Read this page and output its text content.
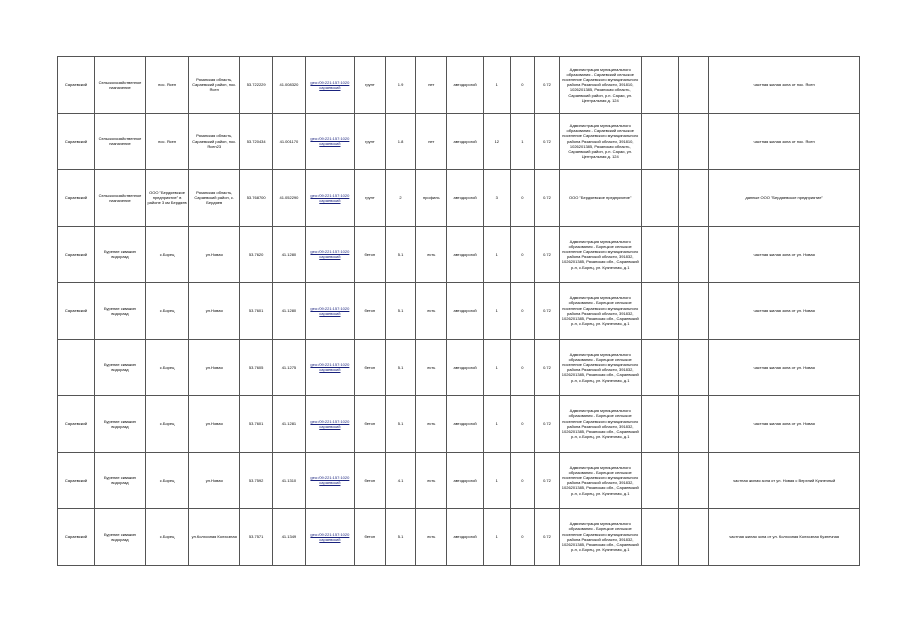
Сараевский	Сельскохозяйственное назначение	пос. Ясен	Рязанская область, Сараевский район, пос. Ясен	53.722229	41.008320	geo:/09:221:157:1020 сараевский	грунт	1.9	нет	автодорогой	1	0	0.72	Администрация муниципального образования - Сараевский сельское поселение Сараевского муниципального района Рязанской области, 391810, 1026201385, Рязанская область, Сараевский район, р.п. Сараи, ул. Центральная д. 124			частная жилая зона от пос. Ясен
Сараевский	Сельскохозяйственное назначение	пос. Ясен	Рязанская область, Сараевский район, пос. Ясен23	53.720434	41.001170	geo:/09:221:157:1020 сараевский	грунт	1.8	нет	автодорогой	12	1	0.72	Администрация муниципального образования - Сараевский сельское поселение Сараевского муниципального района Рязанской области, 391810, 1026201385, Рязанская область, Сараевский район, р.п. Сараи, ул. Центральная д. 124			частная жилая зона от пос. Ясен
Сараевский	Сельскохозяйственное назначение	ООО "Бердяевское предприятие" в районе 3 км Бердяев	Рязанская область, Сараевский район, с. Бердяев	53.768700	41.052290	geo:/09:221:157:1020 сараевский	грунт	2	профиль	автодорогой	3	0	0.72	ООО "Бердяевское предприятие"			данные ООО "Бердяевское предприятие"
Сараевский	Бурение скважин водоразд	с.Борец	ул.Новая	53.7620	41.1280	geo:/09:221:157:1020 сараевский	бетон	5.1	есть	автодорогой	1	0	0.72	Администрация муниципального образования - Борецкое сельское поселение Сараевского муниципального района Рязанской области, 391832, 1026201385, Рязанская обл., Сараевский р-н, с.Борец, ул. Кузнечная, д.1			частная жилая зона от ул. Новая
Сараевский	Бурение скважин водоразд	с.Борец	ул.Новая	53.7601	41.1280	geo:/09:221:157:1020 сараевский	бетон	5.1	есть	автодорогой	1	0	0.72	Администрация муниципального образования - Борецкое сельское поселение Сараевского муниципального района Рязанской области, 391832, 1026201385, Рязанская обл., Сараевский р-н, с.Борец, ул. Кузнечная, д.1			частная жилая зона от ул. Новая
	Бурение скважин водоразд	с.Борец	ул.Новая	53.7605	41.1275	geo:/09:221:157:1020 сараевский	бетон	5.1	есть	автодорогой	1	0	0.72	Администрация муниципального образования - Борецкое сельское поселение Сараевского муниципального района Рязанской области, 391832, 1026201385, Рязанская обл., Сараевский р-н, с.Борец, ул. Кузнечная, д.1			частная жилая зона от ул. Новая
Сараевский	Бурение скважин водоразд	с.Борец	ул.Новая	53.7601	41.1281	geo:/09:221:157:1020 сараевский	бетон	5.1	есть	автодорогой	1	0	0.72	Администрация муниципального образования - Борецкое сельское поселение Сараевского муниципального района Рязанской области, 391832, 1026201385, Рязанская обл., Сараевский р-н, с.Борец, ул. Кузнечная, д.1			частная жилая зона от ул. Новая
Сараевский	Бурение скважин водоразд	с.Борец	ул.Новая	53.7592	41.1310	geo:/09:221:157:1020 сараевский	бетон	4.1	есть	автодорогой	1	0	0.72	Администрация муниципального образования - Борецкое сельское поселение Сараевского муниципального района Рязанской области, 391832, 1026201385, Рязанская обл., Сараевский р-н, с.Борец, ул. Кузнечная, д.1			частная жилая зона от ул. Новая с Верхний Кузнечный
Сараевский	Бурение скважин водоразд	с.Борец	ул.Колхозная Колхозная	53.7571	41.1349	geo:/09:221:157:1020 сараевский	бетон	5.1	есть	автодорогой	1	0	0.72	Администрация муниципального образования - Борецкое сельское поселение Сараевского муниципального района Рязанской области, 391832, 1026201385, Рязанская обл., Сараевский р-н, с.Борец, ул. Кузнечная, д.1			частная жилая зона от ул. Колхозная Колхозная Кузнечная
